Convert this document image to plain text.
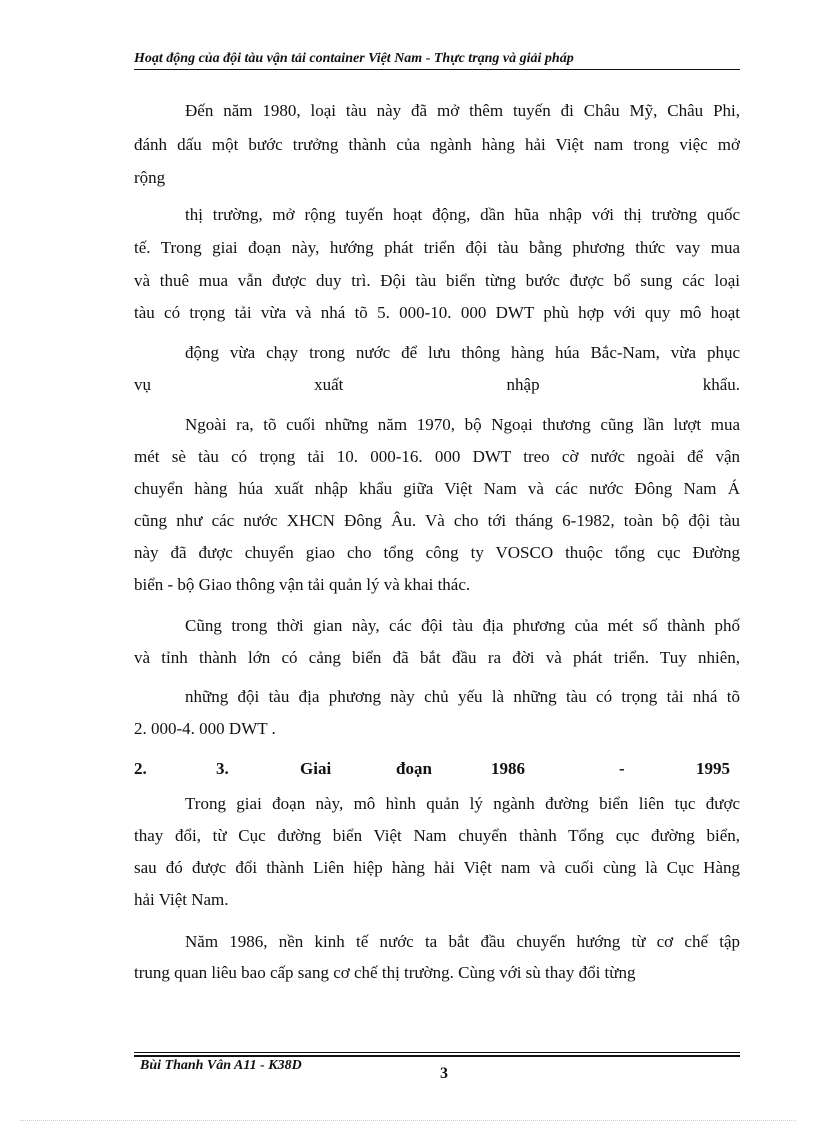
Hoạt động của đội tàu vận tải container Việt Nam - Thực trạng và giải pháp
Đến năm 1980, loại tàu này đã mở thêm tuyến đi Châu Mỹ, Châu Phi,
đánh dấu một bước trưởng thành của ngành hàng hải Việt nam trong việc mở
rộng
thị trường, mở rộng tuyến hoạt động, dần hũa nhập với thị trường quốc
tế. Trong giai đoạn này, hướng phát triển đội tàu bằng phương thức vay mua
và thuê mua vẫn được duy trì. Đội tàu biển từng bước được bổ sung các loại
tàu có trọng tải vừa và nhá tõ 5. 000-10. 000 DWT phù hợp với quy mô hoạt
động vừa chạy trong nước để lưu thông hàng húa Bắc-Nam, vừa phục
vụ xuất nhập khẩu.
Ngoài ra, tõ cuối những năm 1970, bộ Ngoại thương cũng lần lượt mua
mét sè tàu có trọng tải 10. 000-16. 000 DWT treo cờ nước ngoài để vận
chuyển hàng húa xuất nhập khẩu giữa Việt Nam và các nước Đông Nam Á
cũng như các nước XHCN Đông Âu. Và cho tới tháng 6-1982, toàn bộ đội tàu
này đã được chuyển giao cho tổng công ty VOSCO thuộc tổng cục Đường
biển - bộ Giao thông vận tải quản lý và khai thác.
Cũng trong thời gian này, các đội tàu địa phương của mét số thành phố
và tỉnh thành lớn có cảng biển đã bắt đầu ra đời và phát triển. Tuy nhiên,
những đội tàu địa phương này chủ yếu là những tàu có trọng tải nhá tõ
2. 000-4. 000 DWT .
2.	3.	Giai	đoạn	1986	-	1995
Trong giai đoạn này, mô hình quản lý ngành đường biển liên tục được
thay đổi, từ Cục đường biển Việt Nam chuyển thành Tổng cục đường biển,
sau đó được đổi thành Liên hiệp hàng hải Việt nam và cuối cùng là Cục Hàng
hải Việt Nam.
Năm 1986, nền kinh tế nước ta bắt đầu chuyển hướng từ cơ chế tập
trung quan liêu bao cấp sang cơ chế thị trường. Cùng với sù thay đổi từng
Bùi Thanh Vân A11 - K38D	3
